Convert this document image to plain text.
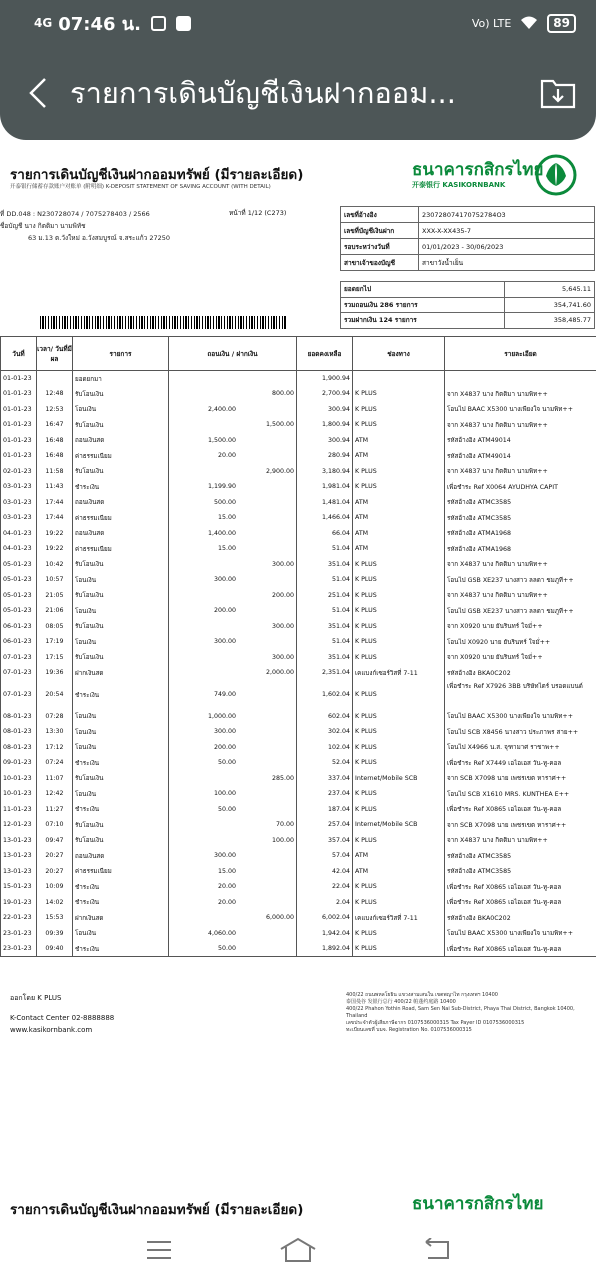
4G 07:46 น.	Vo) LTE	89
รายการเดินบัญชีเงินฝากออม...
รายการเดินบัญชีเงินฝากออมทรัพย์ (มีรายละเอียด)
开泰银行储蓄存款账户对账单 (附明细) K-DEPOSIT STATEMENT OF SAVING ACCOUNT (WITH DETAIL)
ธนาคารกสิกรไทย
开泰银行 KASIKORNBANK
ที่ DD.048 : N230728074 / 7075278403 / 2566
ชื่อบัญชี นาง กิตติมา นามพิทัช
63 ม.13 ต.วังใหม่ อ.วังสมบูรณ์ จ.สระแก้ว 27250
หน้าที่ 1/12 (C273)	เลขที่อ้างอิง	230728074170752784O3
เลขที่บัญชีเงินฝาก	XXX-X-XX435-7
รอบระหว่างวันที่	01/01/2023 - 30/06/2023
สาขาเจ้าของบัญชี	สาขาวังน้ำเย็น
ยอดยกไป	5,645.11
รวมถอนเงิน 286 รายการ	354,741.60
รวมฝากเงิน 124 รายการ	358,485.77
วันที่	เวลา/ วันที่มีผล	รายการ	ถอนเงิน / ฝากเงิน	ยอดคงเหลือ	ช่องทาง	รายละเอียด
01-01-23		ยอดยกมา		1,900.94		
01-01-23	12:48	รับโอนเงิน	800.00	2,700.94	K PLUS	จาก X4837 นาง กิตติมา นามพิท++
01-01-23	12:53	โอนเงิน	2,400.00	300.94	K PLUS	โอนไป BAAC X5300 นางเพียงใจ นามพิท++
01-01-23	16:47	รับโอนเงิน	1,500.00	1,800.94	K PLUS	จาก X4837 นาง กิตติมา นามพิท++
01-01-23	16:48	ถอนเงินสด	1,500.00	300.94	ATM	รหัสอ้างอิง ATM49014
01-01-23	16:48	ค่าธรรมเนียม	20.00	280.94	ATM	รหัสอ้างอิง ATM49014
02-01-23	11:58	รับโอนเงิน	2,900.00	3,180.94	K PLUS	จาก X4837 นาง กิตติมา นามพิท++
03-01-23	11:43	ชำระเงิน	1,199.90	1,981.04	K PLUS	เพื่อชำระ Ref X0064 AYUDHYA CAPIT
03-01-23	17:44	ถอนเงินสด	500.00	1,481.04	ATM	รหัสอ้างอิง ATMC3585
03-01-23	17:44	ค่าธรรมเนียม	15.00	1,466.04	ATM	รหัสอ้างอิง ATMC3585
04-01-23	19:22	ถอนเงินสด	1,400.00	66.04	ATM	รหัสอ้างอิง ATMA1968
04-01-23	19:22	ค่าธรรมเนียม	15.00	51.04	ATM	รหัสอ้างอิง ATMA1968
05-01-23	10:42	รับโอนเงิน	300.00	351.04	K PLUS	จาก X4837 นาง กิตติมา นามพิท++
05-01-23	10:57	โอนเงิน	300.00	51.04	K PLUS	โอนไป GSB XE237 นางสาว ลลดา ชมภูที++
05-01-23	21:05	รับโอนเงิน	200.00	251.04	K PLUS	จาก X4837 นาง กิตติมา นามพิท++
05-01-23	21:06	โอนเงิน	200.00	51.04	K PLUS	โอนไป GSB XE237 นางสาว ลลดา ชมภูที++
06-01-23	08:05	รับโอนเงิน	300.00	351.04	K PLUS	จาก X0920 นาย ยันรินทร์ ใจมั่++
06-01-23	17:19	โอนเงิน	300.00	51.04	K PLUS	โอนไป X0920 นาย ยันรินทร์ ใจมั่++
07-01-23	17:15	รับโอนเงิน	300.00	351.04	K PLUS	จาก X0920 นาย ยันรินทร์ ใจมั่++
07-01-23	19:36	ฝากเงินสด	2,000.00	2,351.04	เคแบงก์เซอร์วิสที่ 7-11	รหัสอ้างอิง BKA0C202
07-01-23	20:54	ชำระเงิน	749.00	1,602.04	K PLUS	เพื่อชำระ Ref X7926 3BB บริษัทไตร์ บรอดแบนด์
08-01-23	07:28	โอนเงิน	1,000.00	602.04	K PLUS	โอนไป BAAC X5300 นางเพียงใจ นามพิท++
08-01-23	13:30	โอนเงิน	300.00	302.04	K PLUS	โอนไป SCB X8456 นางสาว ประภาพร สาย++
08-01-23	17:12	โอนเงิน	200.00	102.04	K PLUS	โอนไป X4966 น.ส. จุฑามาศ ราชาพ++
09-01-23	07:24	ชำระเงิน	50.00	52.04	K PLUS	เพื่อชำระ Ref X7449 เอไอเอส วัน-ทู-คอล
10-01-23	11:07	รับโอนเงิน	285.00	337.04	Internet/Mobile SCB	จาก SCB X7098 นาย เพชรเขต หาราศ++
10-01-23	12:42	โอนเงิน	100.00	237.04	K PLUS	โอนไป SCB X1610 MRS. KUNTHEA E++
11-01-23	11:27	ชำระเงิน	50.00	187.04	K PLUS	เพื่อชำระ Ref X0865 เอไอเอส วัน-ทู-คอล
12-01-23	07:10	รับโอนเงิน	70.00	257.04	Internet/Mobile SCB	จาก SCB X7098 นาย เพชรเขต หาราศ++
13-01-23	09:47	รับโอนเงิน	100.00	357.04	K PLUS	จาก X4837 นาง กิตติมา นามพิท++
13-01-23	20:27	ถอนเงินสด	300.00	57.04	ATM	รหัสอ้างอิง ATMC3585
13-01-23	20:27	ค่าธรรมเนียม	15.00	42.04	ATM	รหัสอ้างอิง ATMC3585
15-01-23	10:09	ชำระเงิน	20.00	22.04	K PLUS	เพื่อชำระ Ref X0865 เอไอเอส วัน-ทู-คอล
19-01-23	14:02	ชำระเงิน	20.00	2.04	K PLUS	เพื่อชำระ Ref X0865 เอไอเอส วัน-ทู-คอล
22-01-23	15:53	ฝากเงินสด	6,000.00	6,002.04	เคแบงก์เซอร์วิสที่ 7-11	รหัสอ้างอิง BKA0C202
23-01-23	09:39	โอนเงิน	4,060.00	1,942.04	K PLUS	โอนไป BAAC X5300 นางเพียงใจ นามพิท++
23-01-23	09:40	ชำระเงิน	50.00	1,892.04	K PLUS	เพื่อชำระ Ref X0865 เอไอเอส วัน-ทู-คอล
ออกโดย K PLUS
K-Contact Center 02-8888888
www.kasikornbank.com
400/22 ถนนพหลโยธิน แขวงสามเสนใน เขตพญาไท กรุงเทพฯ 10400
泰国曼谷 发银行总行 400/22 帕蓬约庭路 10400
400/22 Phahon Yothin Road, Sam Sen Nai Sub-District, Phaya Thai District, Bangkok 10400, Thailand
เลขประจำตัวผู้เสียภาษีอากร 0107536000315 Tax Payer ID 0107536000315
ทะเบียนเลขที่ บมจ. Registration No. 0107536000315
รายการเดินบัญชีเงินฝากออมทรัพย์ (มีรายละเอียด)	ธนาคารกสิกรไทย
